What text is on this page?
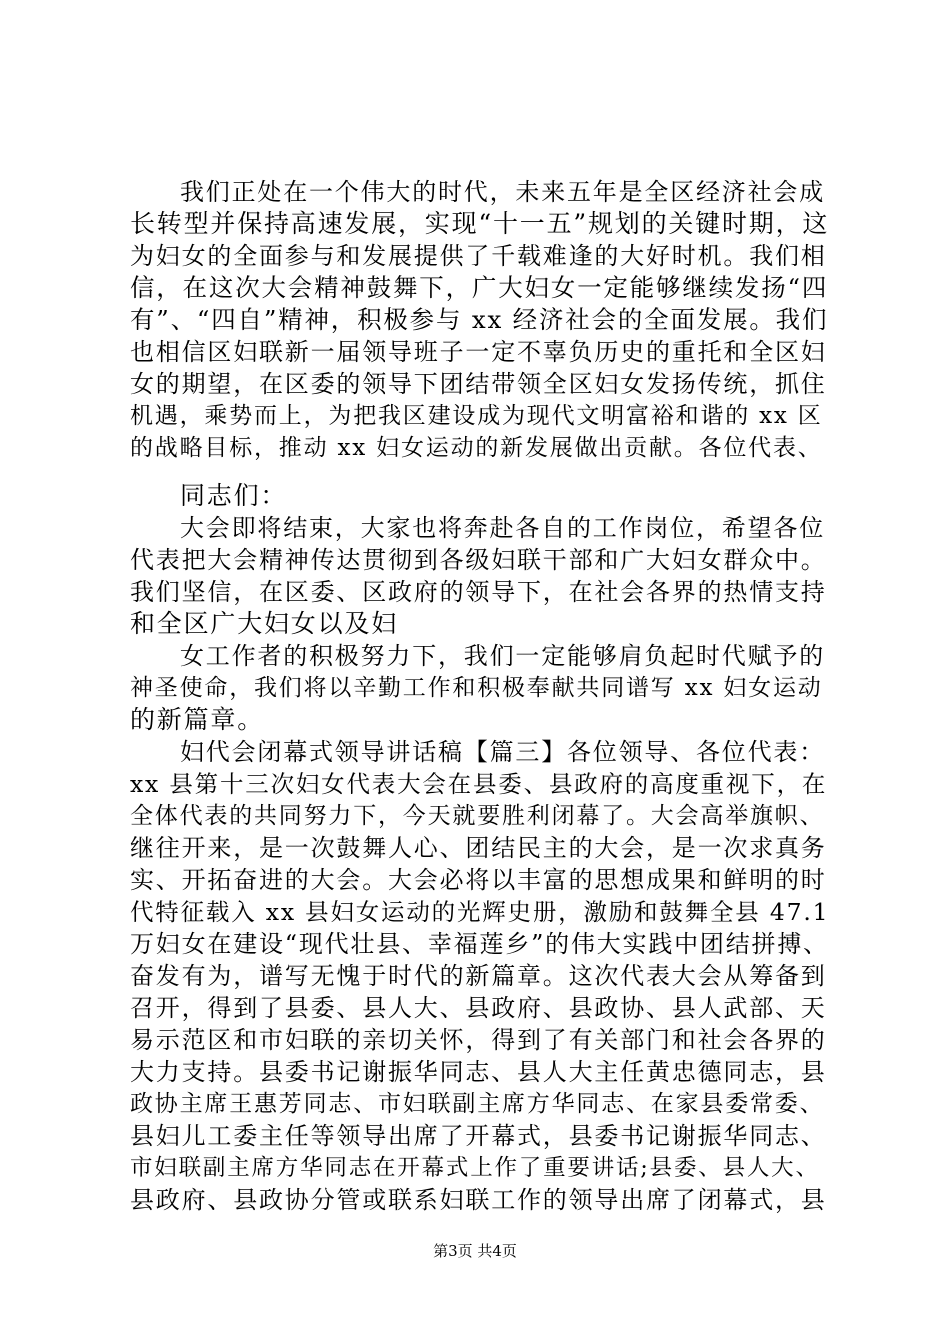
我们正处在一个伟大的时代，未来五年是全区经济社会成
长转型并保持高速发展，实现“十一五”规划的关键时期，这
为妇女的全面参与和发展提供了千载难逢的大好时机。我们相
信，在这次大会精神鼓舞下，广大妇女一定能够继续发扬“四
有”、“四自”精神，积极参与 xx 经济社会的全面发展。我们
也相信区妇联新一届领导班子一定不辜负历史的重托和全区妇
女的期望，在区委的领导下团结带领全区妇女发扬传统，抓住
机遇，乘势而上，为把我区建设成为现代文明富裕和谐的 xx 区
的战略目标，推动 xx 妇女运动的新发展做出贡献。各位代表、
同志们：
大会即将结束，大家也将奔赴各自的工作岗位，希望各位
代表把大会精神传达贯彻到各级妇联干部和广大妇女群众中。
我们坚信，在区委、区政府的领导下，在社会各界的热情支持
和全区广大妇女以及妇
女工作者的积极努力下，我们一定能够肩负起时代赋予的
神圣使命，我们将以辛勤工作和积极奉献共同谱写 xx 妇女运动
的新篇章。
妇代会闭幕式领导讲话稿【篇三】各位领导、各位代表：
xx 县第十三次妇女代表大会在县委、县政府的高度重视下，在
全体代表的共同努力下，今天就要胜利闭幕了。大会高举旗帜、
继往开来，是一次鼓舞人心、团结民主的大会，是一次求真务
实、开拓奋进的大会。大会必将以丰富的思想成果和鲜明的时
代特征载入 xx 县妇女运动的光辉史册，激励和鼓舞全县 47.1
万妇女在建设“现代壮县、幸福莲乡”的伟大实践中团结拼搏、
奋发有为，谱写无愧于时代的新篇章。这次代表大会从筹备到
召开，得到了县委、县人大、县政府、县政协、县人武部、天
易示范区和市妇联的亲切关怀，得到了有关部门和社会各界的
大力支持。县委书记谢振华同志、县人大主任黄忠德同志，县
政协主席王惠芳同志、市妇联副主席方华同志、在家县委常委、
县妇儿工委主任等领导出席了开幕式，县委书记谢振华同志、
市妇联副主席方华同志在开幕式上作了重要讲话;县委、县人大、
县政府、县政协分管或联系妇联工作的领导出席了闭幕式，县
第3页 共4页
